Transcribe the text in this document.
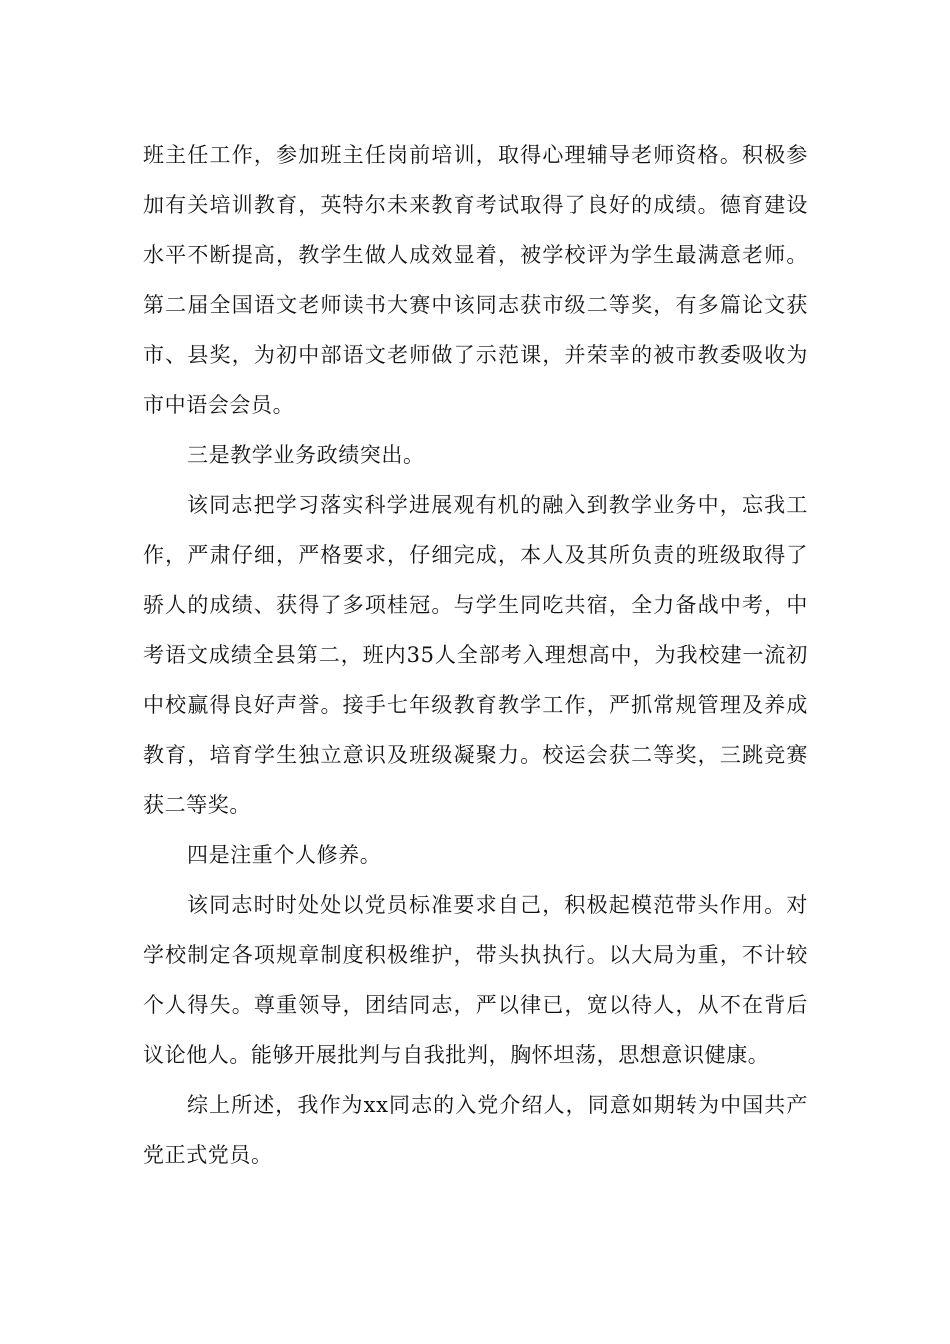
班主任工作，参加班主任岗前培训，取得心理辅导老师资格。积极参加有关培训教育，英特尔未来教育考试取得了良好的成绩。德育建设水平不断提高，教学生做人成效显着，被学校评为学生最满意老师。第二届全国语文老师读书大赛中该同志获市级二等奖，有多篇论文获市、县奖，为初中部语文老师做了示范课，并荣幸的被市教委吸收为市中语会会员。

三是教学业务政绩突出。

该同志把学习落实科学进展观有机的融入到教学业务中，忘我工作，严肃仔细，严格要求，仔细完成，本人及其所负责的班级取得了骄人的成绩、获得了多项桂冠。与学生同吃共宿，全力备战中考，中考语文成绩全县第二，班内35人全部考入理想高中，为我校建一流初中校赢得良好声誉。接手七年级教育教学工作，严抓常规管理及养成教育，培育学生独立意识及班级凝聚力。校运会获二等奖，三跳竞赛获二等奖。

四是注重个人修养。

该同志时时处处以党员标准要求自己，积极起模范带头作用。对学校制定各项规章制度积极维护，带头执执行。以大局为重，不计较个人得失。尊重领导，团结同志，严以律已，宽以待人，从不在背后议论他人。能够开展批判与自我批判，胸怀坦荡，思想意识健康。

综上所述，我作为xx同志的入党介绍人，同意如期转为中国共产党正式党员。
